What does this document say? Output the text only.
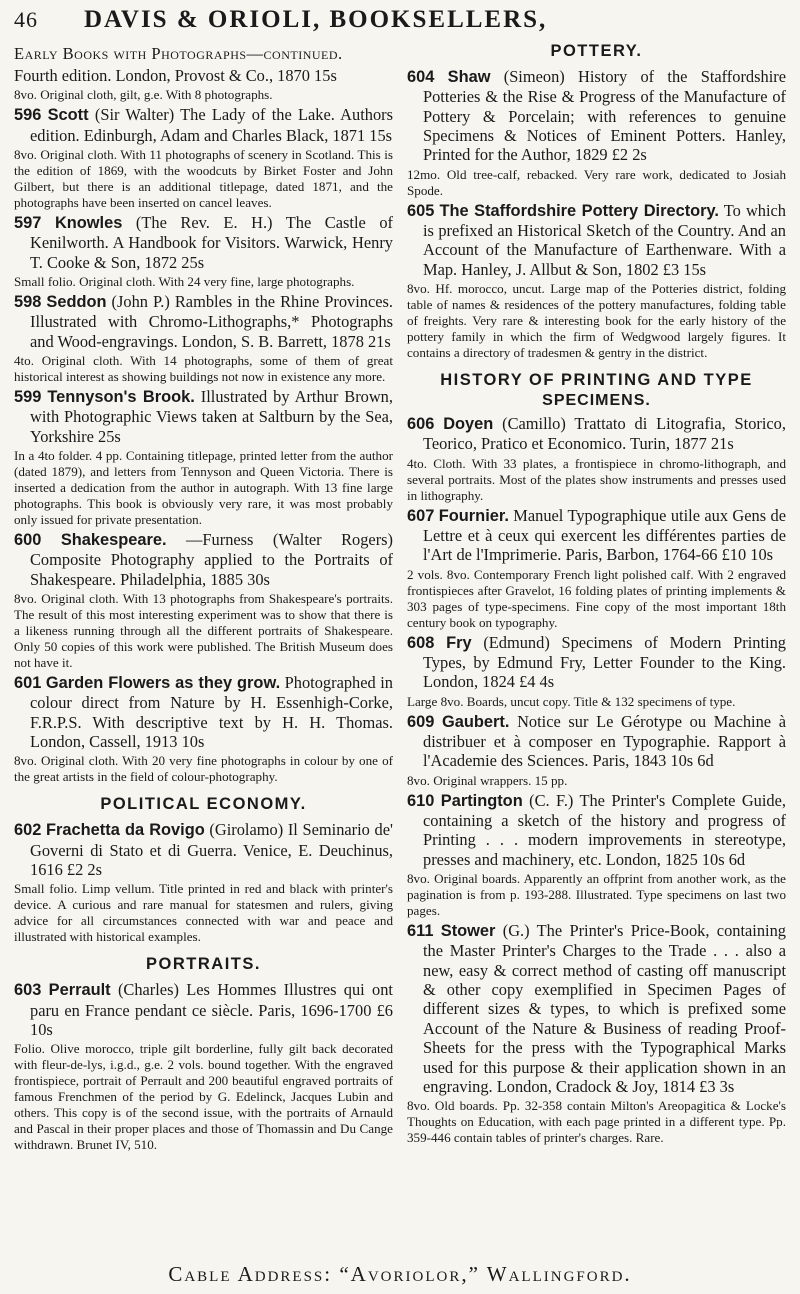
46	DAVIS & ORIOLI, BOOKSELLERS,
Early Books with Photographs—continued.

Fourth edition. London, Provost & Co., 1870 15s

8vo. Original cloth, gilt, g.e. With 8 photographs.

596 Scott (Sir Walter) The Lady of the Lake. Authors edition. Edinburgh, Adam and Charles Black, 1871 15s

8vo. Original cloth. With 11 photographs of scenery in Scotland. This is the edition of 1869, with the woodcuts by Birket Foster and John Gilbert, but there is an additional titlepage, dated 1871, and the photographs have been inserted on cancel leaves.

597 Knowles (The Rev. E. H.) The Castle of Kenilworth. A Handbook for Visitors. Warwick, Henry T. Cooke & Son, 1872 25s

Small folio. Original cloth. With 24 very fine, large photographs.

598 Seddon (John P.) Rambles in the Rhine Provinces. Illustrated with Chromo-Lithographs,* Photographs and Wood-engravings. London, S. B. Barrett, 1878 21s

4to. Original cloth. With 14 photographs, some of them of great historical interest as showing buildings not now in existence any more.

599 Tennyson's Brook. Illustrated by Arthur Brown, with Photographic Views taken at Saltburn by the Sea, Yorkshire 25s

In a 4to folder. 4 pp. Containing titlepage, printed letter from the author (dated 1879), and letters from Tennyson and Queen Victoria. There is inserted a dedication from the author in autograph. With 13 fine large photographs. This book is obviously very rare, it was most probably only issued for private presentation.

600 Shakespeare. —Furness (Walter Rogers) Composite Photography applied to the Portraits of Shakespeare. Philadelphia, 1885 30s

8vo. Original cloth. With 13 photographs from Shakespeare's portraits. The result of this most interesting experiment was to show that there is a likeness running through all the different portraits of Shakespeare. Only 50 copies of this work were published. The British Museum does not have it.

601 Garden Flowers as they grow. Photographed in colour direct from Nature by H. Essenhigh-Corke, F.R.P.S. With descriptive text by H. H. Thomas. London, Cassell, 1913 10s

8vo. Original cloth. With 20 very fine photographs in colour by one of the great artists in the field of colour-photography.

POLITICAL ECONOMY.

602 Frachetta da Rovigo (Girolamo) Il Seminario de' Governi di Stato et di Guerra. Venice, E. Deuchinus, 1616 £2 2s

Small folio. Limp vellum. Title printed in red and black with printer's device. A curious and rare manual for statesmen and rulers, giving advice for all circumstances connected with war and peace and illustrated with historical examples.

PORTRAITS.

603 Perrault (Charles) Les Hommes Illustres qui ont paru en France pendant ce siècle. Paris, 1696-1700 £6 10s

Folio. Olive morocco, triple gilt borderline, fully gilt back decorated with fleur-de-lys, i.g.d., g.e. 2 vols. bound together. With the engraved frontispiece, portrait of Perrault and 200 beautiful engraved portraits of famous Frenchmen of the period by G. Edelinck, Jacques Lubin and others. This copy is of the second issue, with the portraits of Arnauld and Pascal in their proper places and those of Thomassin and Du Cange withdrawn. Brunet IV, 510.

POTTERY.

604 Shaw (Simeon) History of the Staffordshire Potteries & the Rise & Progress of the Manufacture of Pottery & Porcelain; with references to genuine Specimens & Notices of Eminent Potters. Hanley, Printed for the Author, 1829 £2 2s

12mo. Old tree-calf, rebacked. Very rare work, dedicated to Josiah Spode.

605 The Staffordshire Pottery Directory. To which is prefixed an Historical Sketch of the Country. And an Account of the Manufacture of Earthenware. With a Map. Hanley, J. Allbut & Son, 1802 £3 15s

8vo. Hf. morocco, uncut. Large map of the Potteries district, folding table of names & residences of the pottery manufactures, folding table of freights. Very rare & interesting book for the early history of the pottery family in which the firm of Wedgwood largely figures. It contains a directory of tradesmen & gentry in the district.

HISTORY OF PRINTING AND TYPE
SPECIMENS.

606 Doyen (Camillo) Trattato di Litografia, Storico, Teorico, Pratico et Economico. Turin, 1877 21s

4to. Cloth. With 33 plates, a frontispiece in chromo-lithograph, and several portraits. Most of the plates show instruments and presses used in lithography.

607 Fournier. Manuel Typographique utile aux Gens de Lettre et à ceux qui exercent les différentes parties de l'Art de l'Imprimerie. Paris, Barbon, 1764-66 £10 10s

2 vols. 8vo. Contemporary French light polished calf. With 2 engraved frontispieces after Gravelot, 16 folding plates of printing implements & 303 pages of type-specimens. Fine copy of the most important 18th century book on typography.

608 Fry (Edmund) Specimens of Modern Printing Types, by Edmund Fry, Letter Founder to the King. London, 1824 £4 4s

Large 8vo. Boards, uncut copy. Title & 132 specimens of type.

609 Gaubert. Notice sur Le Gérotype ou Machine à distribuer et à composer en Typographie. Rapport à l'Academie des Sciences. Paris, 1843 10s 6d

8vo. Original wrappers. 15 pp.

610 Partington (C. F.) The Printer's Complete Guide, containing a sketch of the history and progress of Printing . . . modern improvements in stereotype, presses and machinery, etc. London, 1825 10s 6d

8vo. Original boards. Apparently an offprint from another work, as the pagination is from p. 193-288. Illustrated. Type specimens on last two pages.

611 Stower (G.) The Printer's Price-Book, containing the Master Printer's Charges to the Trade . . . also a new, easy & correct method of casting off manuscript & other copy exemplified in Specimen Pages of different sizes & types, to which is prefixed some Account of the Nature & Business of reading Proof-Sheets for the press with the Typographical Marks used for this purpose & their application shown in an engraving. London, Cradock & Joy, 1814 £3 3s

8vo. Old boards. Pp. 32-358 contain Milton's Areopagitica & Locke's Thoughts on Education, with each page printed in a different type. Pp. 359-446 contain tables of printer's charges. Rare.

Cable Address: “Avoriolor,” Wallingford.
